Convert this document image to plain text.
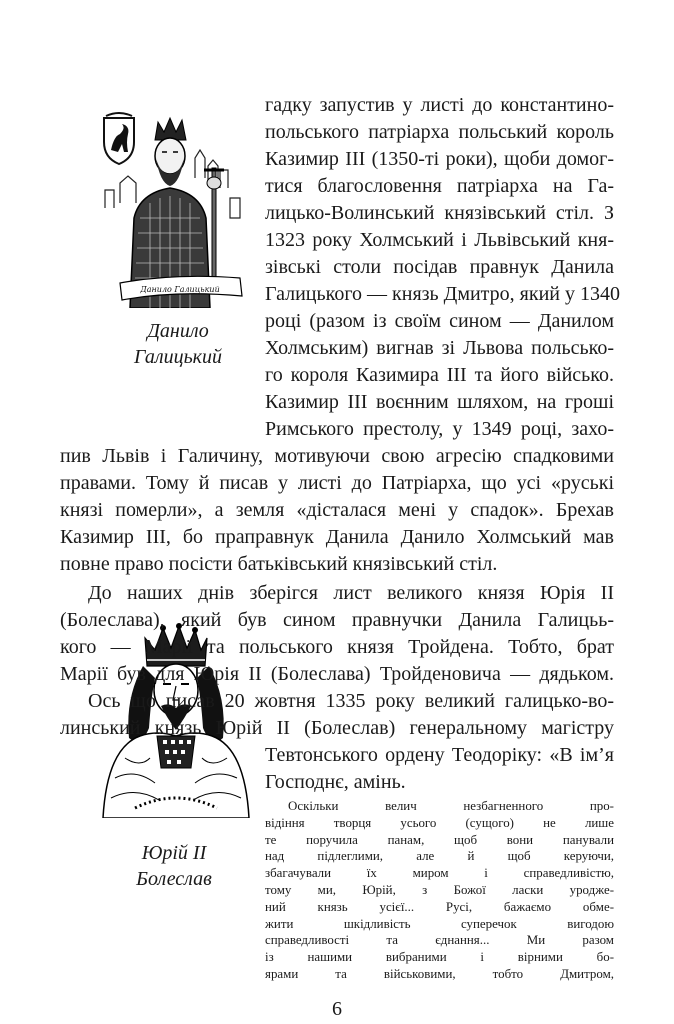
Данило Галицький
Данило
Галицький
Юрій ІІ
Болеслав
гадку запустив у листі до константино-
польського патріарха польський король
Казимир ІІІ (1350-ті роки), щоби домог-
тися благословення патріарха на Га-
лицько-Волинський князівський стіл. З
1323 року Холмський і Львівський кня-
зівські столи посідав правнук Данила
Галицького — князь Дмитро, який у 1340
році (разом із своїм сином — Данилом
Холмським) вигнав зі Львова польсько-
го короля Казимира ІІІ та його військо.
Казимир ІІІ воєнним шляхом, на гроші
Римського престолу, у 1349 році, захо-
пив Львів і Галичину, мотивуючи свою агресію спадковими
правами. Тому й писав у листі до Патріарха, що усі «руські
князі померли», а земля «дісталася мені у спадок». Брехав
Казимир ІІІ, бо праправнук Данила Данило Холмський мав
повне право посісти батьківський князівський стіл.
До наших днів зберігся лист великого князя Юрія ІІ
(Болеслава), який був сином правнучки Данила Галицьь-
кого — Марії та польського князя Тройдена. Тобто, брат
Марії був для Юрія ІІ (Болеслава) Тройденовича — дядьком.
Ось що писав 20 жовтня 1335 року великий галицько-во-
линський князь Юрій ІІ (Болеслав) генеральному магістру
Тевтонського ордену Теодоріку: «В ім’я
Господнє, амінь.
Оскільки велич незбагненного про-
відіння творця усього (сущого) не лише
те поручила панам, щоб вони панували
над підлеглими, але й щоб керуючи,
збагачували їх миром і справедливістю,
тому ми, Юрій, з Божої ласки уродже-
ний князь усієї... Русі, бажаємо обме-
жити шкідливість суперечок вигодою
справедливості та єднання... Ми разом
із нашими вибраними і вірними бо-
ярами та військовими, тобто Дмитром,
6
